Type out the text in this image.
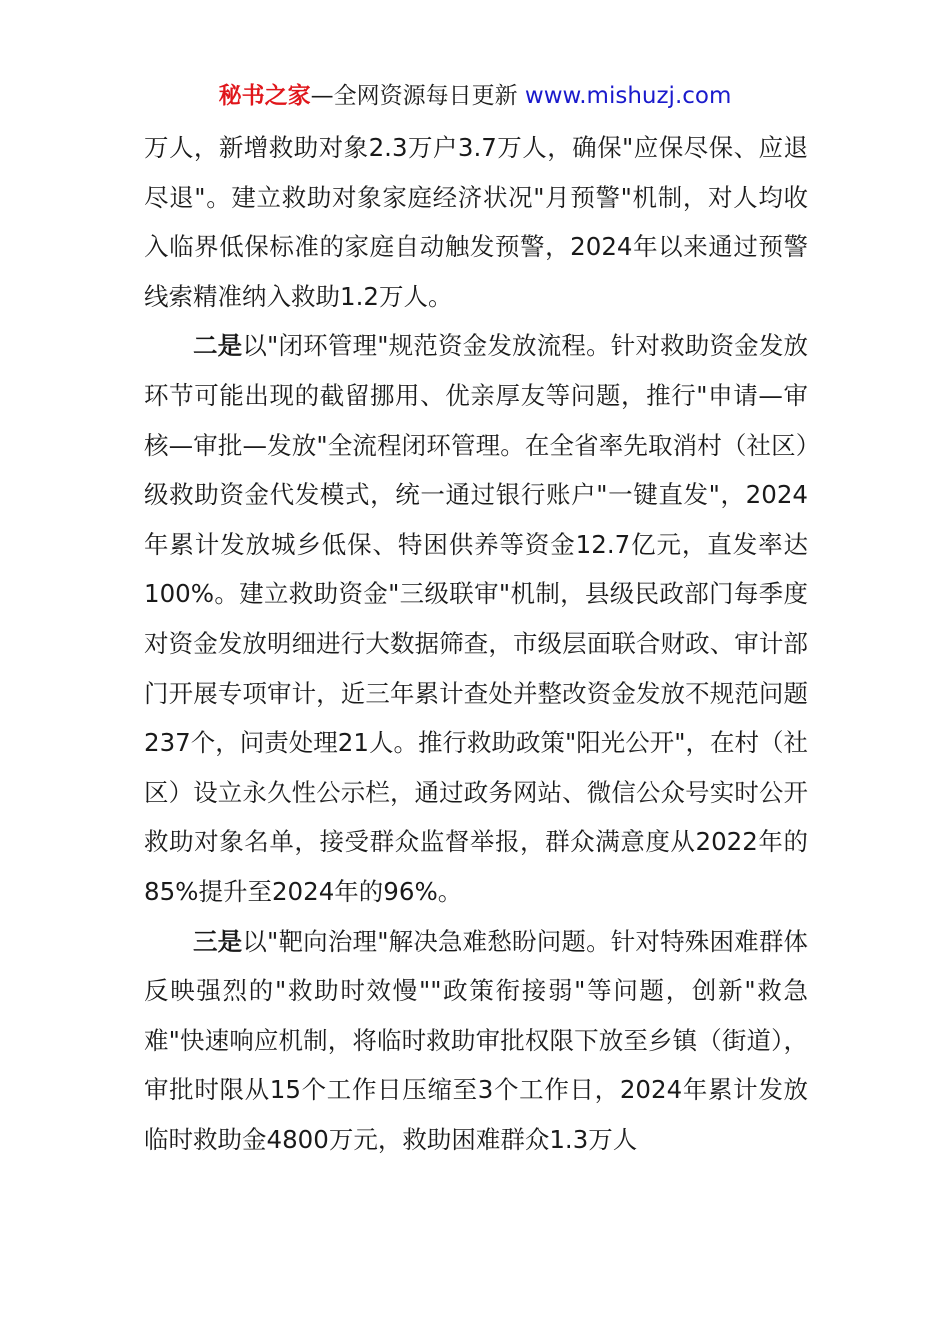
秘书之家—全网资源每日更新 www.mishuzj.com

万人，新增救助对象2.3万户3.7万人，确保"应保尽保、应退尽退"。建立救助对象家庭经济状况"月预警"机制，对人均收入临界低保标准的家庭自动触发预警，2024年以来通过预警线索精准纳入救助1.2万人。

二是以"闭环管理"规范资金发放流程。针对救助资金发放环节可能出现的截留挪用、优亲厚友等问题，推行"申请—审核—审批—发放"全流程闭环管理。在全省率先取消村（社区）级救助资金代发模式，统一通过银行账户"一键直发"，2024年累计发放城乡低保、特困供养等资金12.7亿元，直发率达100%。建立救助资金"三级联审"机制，县级民政部门每季度对资金发放明细进行大数据筛查，市级层面联合财政、审计部门开展专项审计，近三年累计查处并整改资金发放不规范问题237个，问责处理21人。推行救助政策"阳光公开"，在村（社区）设立永久性公示栏，通过政务网站、微信公众号实时公开救助对象名单，接受群众监督举报，群众满意度从2022年的85%提升至2024年的96%。

三是以"靶向治理"解决急难愁盼问题。针对特殊困难群体反映强烈的"救助时效慢""政策衔接弱"等问题，创新"救急难"快速响应机制，将临时救助审批权限下放至乡镇（街道），审批时限从15个工作日压缩至3个工作日，2024年累计发放临时救助金4800万元，救助困难群众1.3万人
